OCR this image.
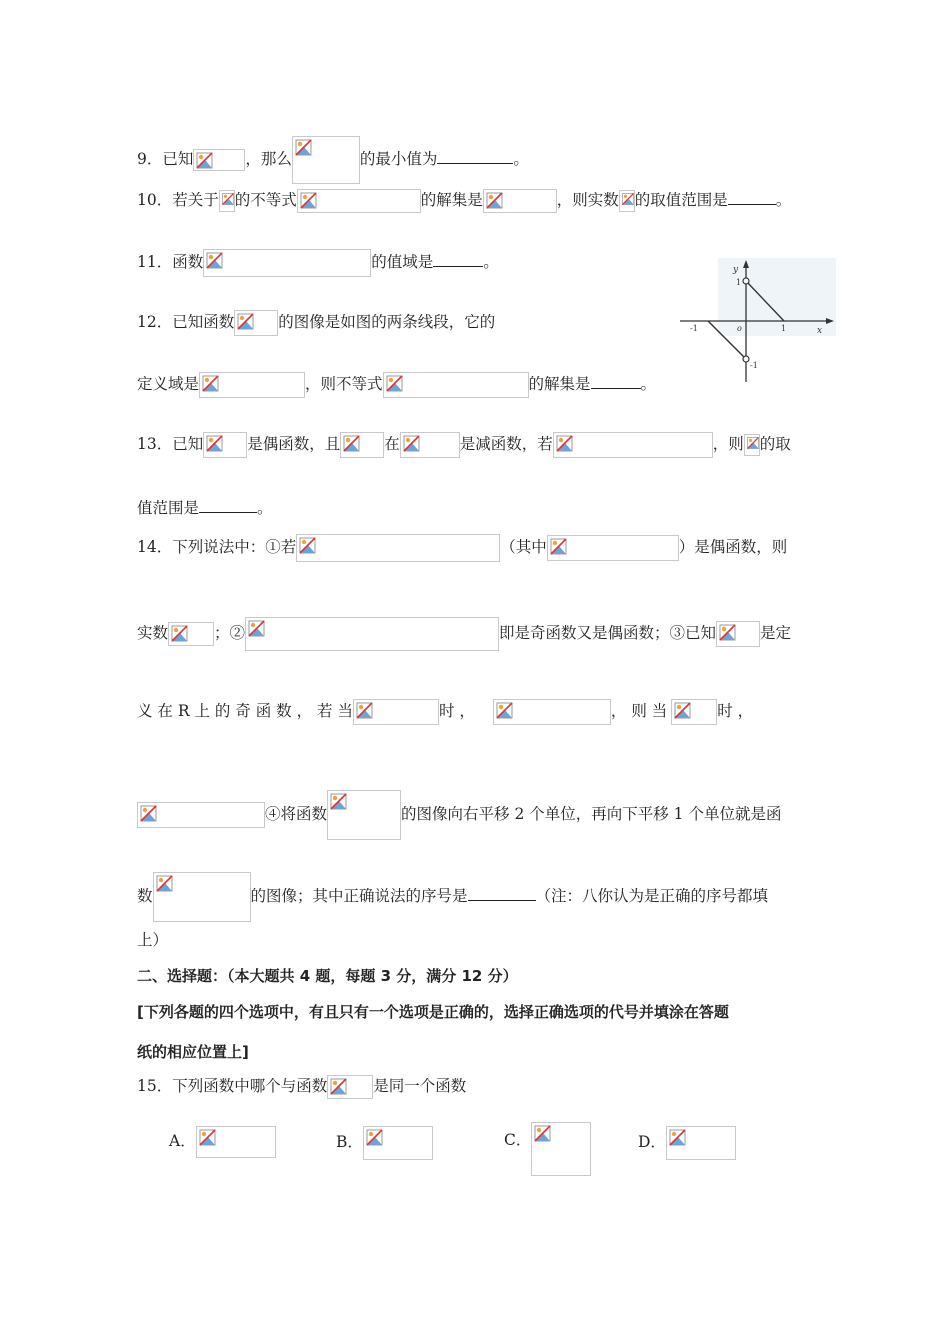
9．已知	，那么	的最小值为	。
10．若关于 的不等式	的解集是	，则实数 的取值范围是	。
11．函数	的值域是	。	y
x
o
1
-1
1
-1
12．已知函数	的图像是如图的两条线段，它的
定义域是	，则不等式	的解集是	。
13．已知	是偶函数，且	在	是减函数，若	，则 的取
值范围是	。
14．下列说法中：①若	（其中	）是偶函数，则
实数	；②	即是奇函数又是偶函数；③已知	是定
义 在 R 上 的 奇 函 数 ， 若 当	时 ，	， 则 当	时 ，
④将函数	的图像向右平移 2 个单位，再向下平移 1 个单位就是函
数	的图像；其中正确说法的序号是	（注：八你认为是正确的序号都填
上）
二、选择题：（本大题共 4 题，每题 3 分，满分 12 分）
[下列各题的四个选项中，有且只有一个选项是正确的，选择正确选项的代号并填涂在答题
纸的相应位置上]
15．下列函数中哪个与函数	是同一个函数
A．	B．	C．	D．
